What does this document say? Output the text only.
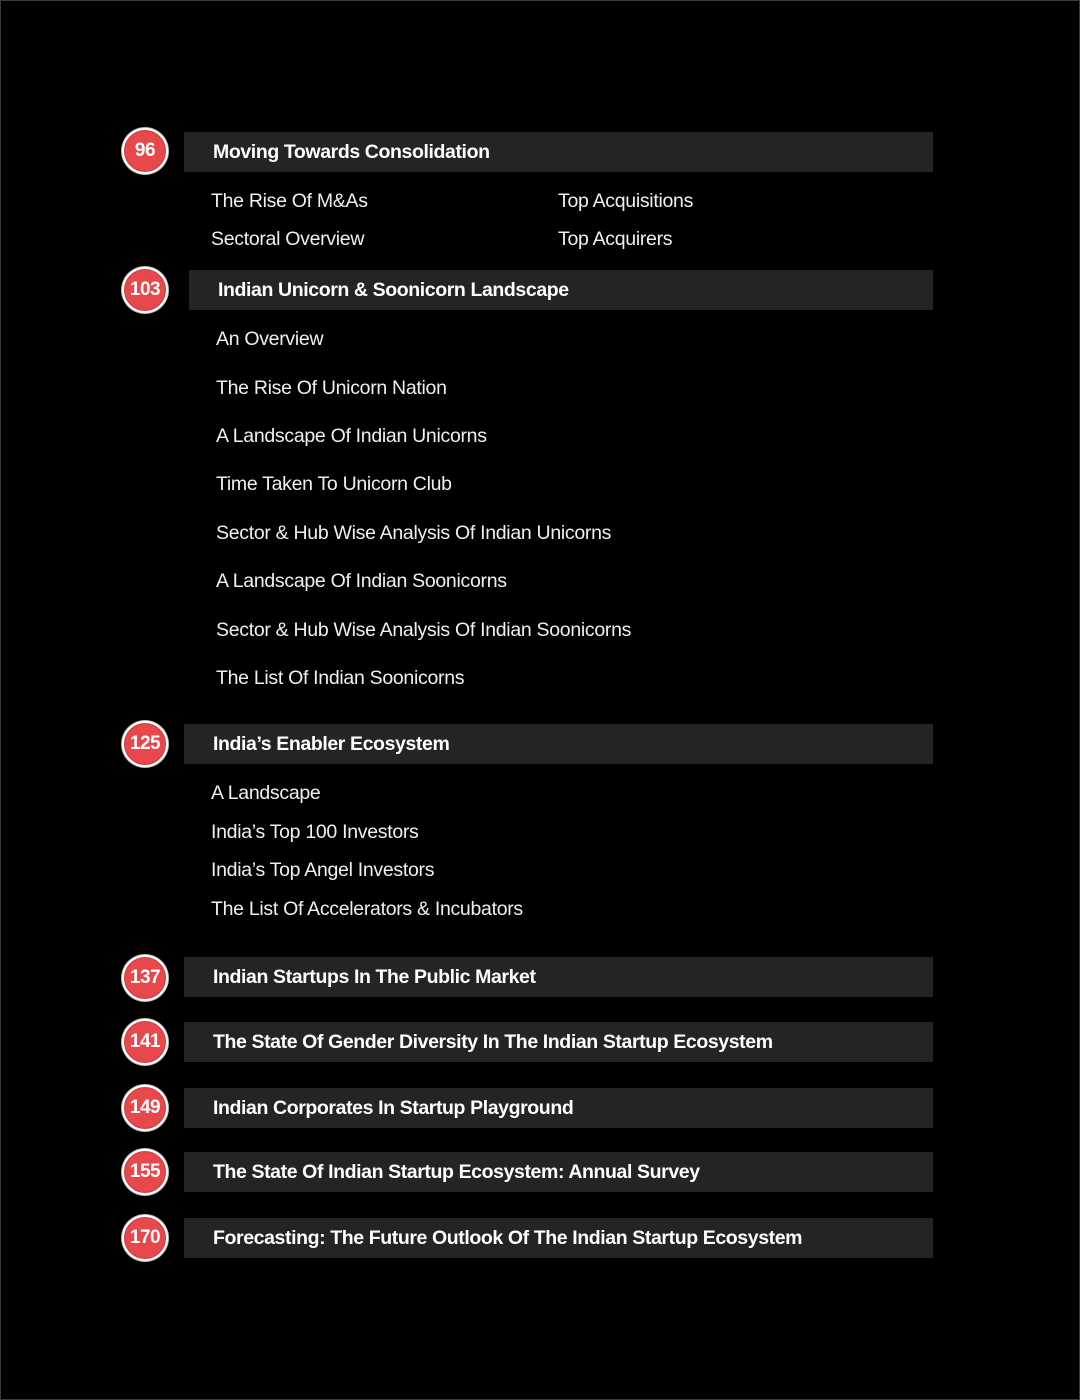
96	Moving Towards Consolidation
The Rise Of M&As	Top Acquisitions
Sectoral Overview	Top Acquirers
103	Indian Unicorn & Soonicorn Landscape
An Overview
The Rise Of Unicorn Nation
A Landscape Of Indian Unicorns
Time Taken To Unicorn Club
Sector & Hub Wise Analysis Of Indian Unicorns
A Landscape Of Indian Soonicorns
Sector & Hub Wise Analysis Of Indian Soonicorns
The List Of Indian Soonicorns
125	India’s Enabler Ecosystem
A Landscape
India’s Top 100 Investors
India’s Top Angel Investors
The List Of Accelerators & Incubators
137	Indian Startups In The Public Market
141	The State Of Gender Diversity In The Indian Startup Ecosystem
149	Indian Corporates In Startup Playground
155	The State Of Indian Startup Ecosystem: Annual Survey
170	Forecasting: The Future Outlook Of The Indian Startup Ecosystem
